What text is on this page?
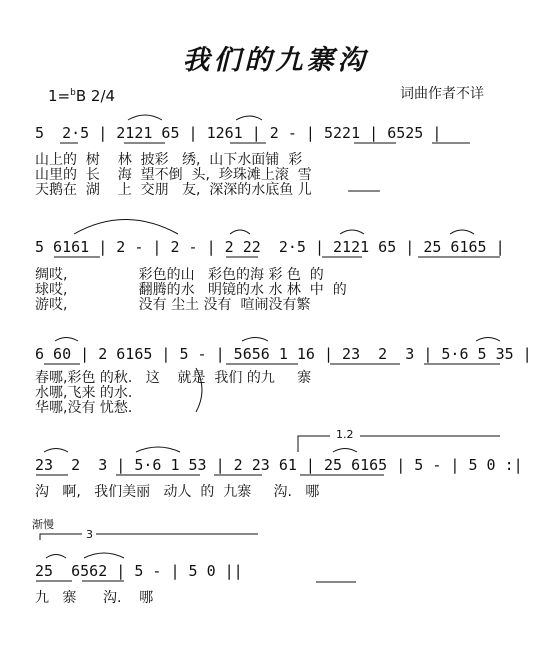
我们的九寨沟
1=$^b$B 2/4	词曲作者不详
5  2·5 | 2121 65 | 1261 | 2 - | 5221 | 6525 |
山上的  树    林  披彩   绣,  山下水面铺  彩
山里的  长    海  望不倒  头,  珍珠滩上滚  雪
天鹅在  湖    上  交朋   友,  深深的水底鱼 儿
5 6161 | 2 - | 2 - | 2 22  2·5 | 2121 65 | 25 6165 |
绸哎,                彩色的山   彩色的海 彩 色  的
球哎,                翻腾的水   明镜的水 水 林  中  的
游哎,                没有 尘土 没有  喧闹没有繁
6 60 | 2 6165 | 5 - | 5656 1 16 | 23  2  3 | 5·6 5 35 |
春哪,彩色 的秋.   这    就是  我们 的九     寨
水哪,飞来 的水.
华哪,没有 忧愁.
1.2
23  2  3 | 5·6 1 53 | 2 23 61 | 25 6165 | 5 - | 5 0 :|
沟   啊,   我们美丽   动人  的  九寨     沟.   哪
渐慢
3
25  6562 | 5 - | 5 0 ||
九   寨      沟.    哪
